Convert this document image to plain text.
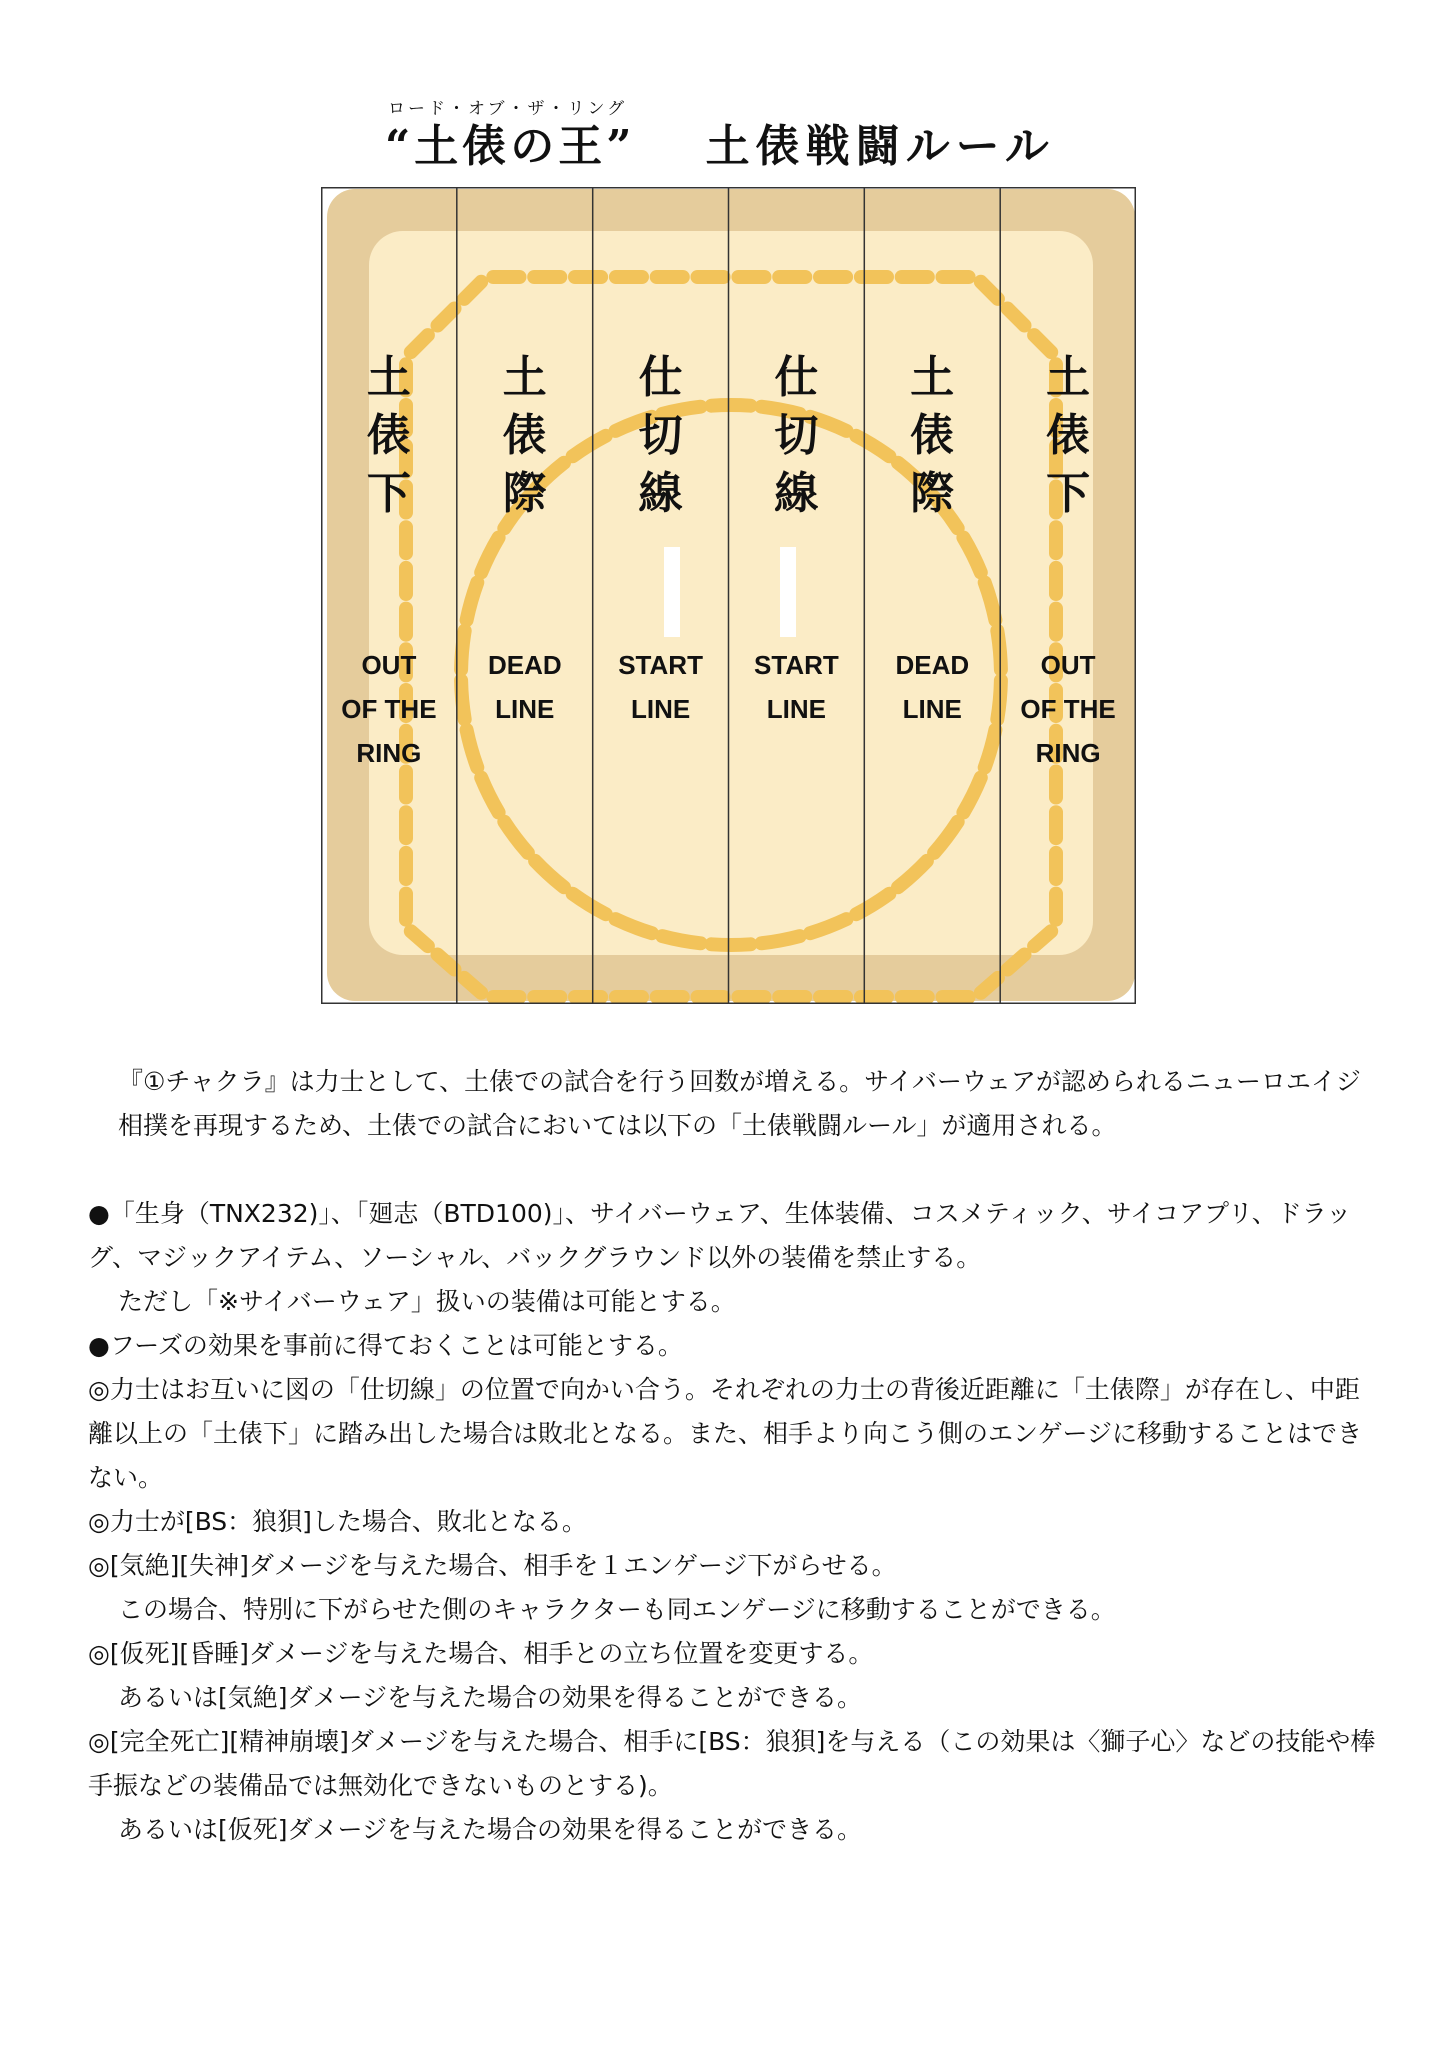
ロード・オブ・ザ・リング
“土俵の王” 土俵戦闘ルール
土
俵
下
OUT
OF THE
RING
土
俵
際
DEAD
LINE
仕
切
線
START
LINE
仕
切
線
START
LINE
土
俵
際
DEAD
LINE
土
俵
下
OUT
OF THE
RING

『①チャクラ』は力士として、土俵での試合を行う回数が増える。サイバーウェアが認められるニューロエイジ相撲を再現するため、土俵での試合においては以下の「土俵戦闘ルール」が適用される。

●「生身（TNX232)」、「廻志（BTD100)」、サイバーウェア、生体装備、コスメティック、サイコアプリ、ドラッグ、マジックアイテム、ソーシャル、バックグラウンド以外の装備を禁止する。

ただし「※サイバーウェア」扱いの装備は可能とする。

●フーズの効果を事前に得ておくことは可能とする。

◎力士はお互いに図の「仕切線」の位置で向かい合う。それぞれの力士の背後近距離に「土俵際」が存在し、中距離以上の「土俵下」に踏み出した場合は敗北となる。また、相手より向こう側のエンゲージに移動することはできない。

◎力士が[BS：狼狽]した場合、敗北となる。

◎[気絶][失神]ダメージを与えた場合、相手を１エンゲージ下がらせる。

この場合、特別に下がらせた側のキャラクターも同エンゲージに移動することができる。

◎[仮死][昏睡]ダメージを与えた場合、相手との立ち位置を変更する。

あるいは[気絶]ダメージを与えた場合の効果を得ることができる。

◎[完全死亡][精神崩壊]ダメージを与えた場合、相手に[BS：狼狽]を与える（この効果は〈獅子心〉などの技能や棒手振などの装備品では無効化できないものとする)。

あるいは[仮死]ダメージを与えた場合の効果を得ることができる。
